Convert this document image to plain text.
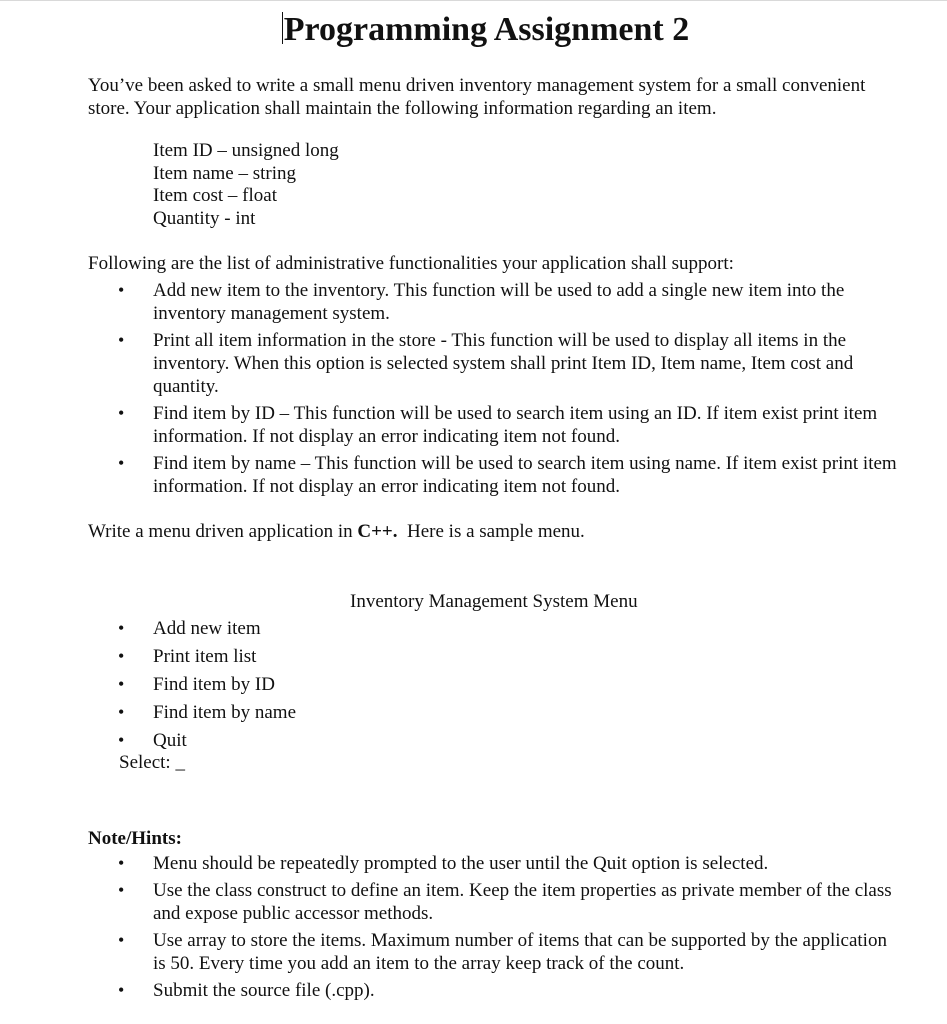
Programming Assignment 2

You’ve been asked to write a small menu driven inventory management system for a small convenient store. Your application shall maintain the following information regarding an item.

Item ID – unsigned long
Item name – string
Item cost – float
Quantity - int

Following are the list of administrative functionalities your application shall support:

• Add new item to the inventory. This function will be used to add a single new item into the inventory management system.
• Print all item information in the store - This function will be used to display all items in the inventory. When this option is selected system shall print Item ID, Item name, Item cost and quantity.
• Find item by ID – This function will be used to search item using an ID. If item exist print item information. If not display an error indicating item not found.
• Find item by name – This function will be used to search item using name. If item exist print item information. If not display an error indicating item not found.

Write a menu driven application in C++.  Here is a sample menu.

Inventory Management System Menu
• Add new item
• Print item list
• Find item by ID
• Find item by name
• Quit
Select: _
Note/Hints:
• Menu should be repeatedly prompted to the user until the Quit option is selected.
• Use the class construct to define an item. Keep the item properties as private member of the class and expose public accessor methods.
• Use array to store the items. Maximum number of items that can be supported by the application is 50. Every time you add an item to the array keep track of the count.
• Submit the source file (.cpp).
